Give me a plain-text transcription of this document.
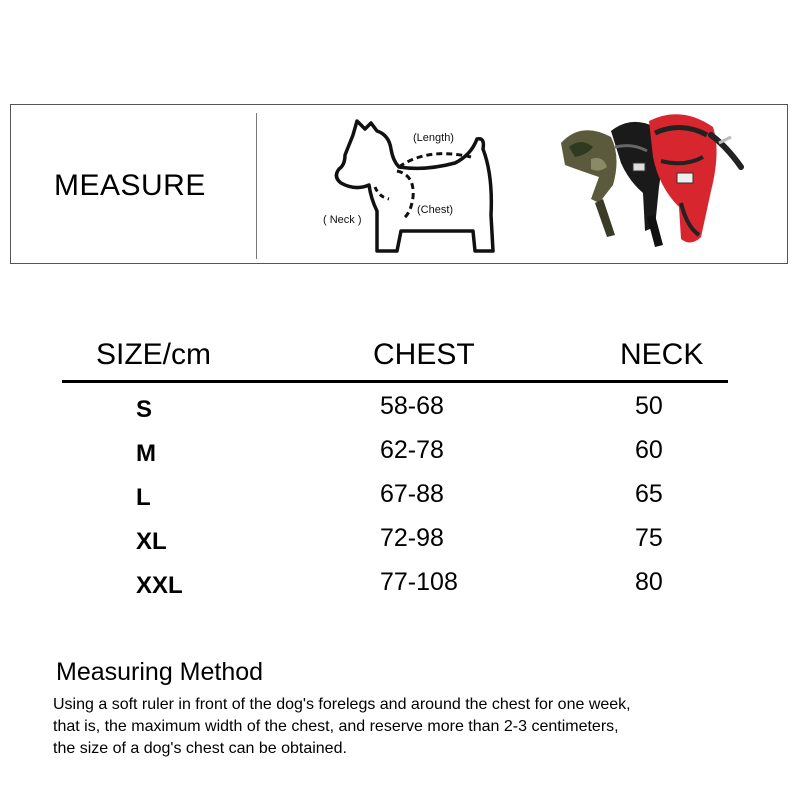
MEASURE
(Length)
(Chest)
( Neck )
SIZE/cm	CHEST	NECK
S	58-68	50
M	62-78	60
L	67-88	65
XL	72-98	75
XXL	77-108	80
Measuring Method
Using a soft ruler in front of the dog's forelegs and around the chest for one week,
that is, the maximum width of the chest, and reserve more than 2-3 centimeters,
the size of a dog's chest can be obtained.
